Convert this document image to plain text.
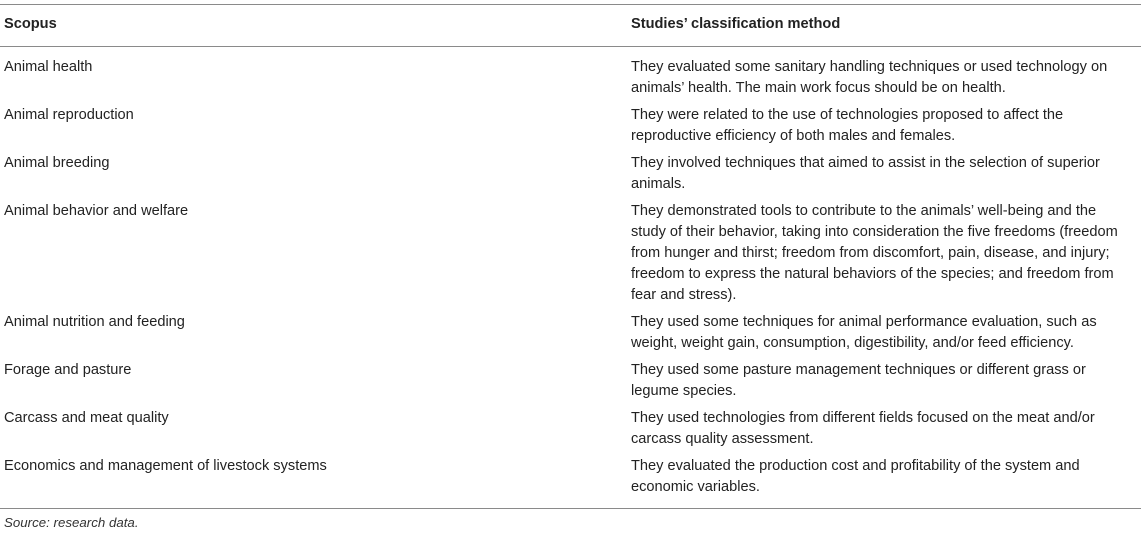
Scopus	Studies’ classification method
Animal health	They evaluated some sanitary handling techniques or used technology on animals’ health. The main work focus should be on health.
Animal reproduction	They were related to the use of technologies proposed to affect the reproductive efficiency of both males and females.
Animal breeding	They involved techniques that aimed to assist in the selection of superior animals.
Animal behavior and welfare	They demonstrated tools to contribute to the animals’ well-being and the study of their behavior, taking into consideration the five freedoms (freedom from hunger and thirst; freedom from discomfort, pain, disease, and injury; freedom to express the natural behaviors of the species; and freedom from fear and stress).
Animal nutrition and feeding	They used some techniques for animal performance evaluation, such as weight, weight gain, consumption, digestibility, and/or feed efficiency.
Forage and pasture	They used some pasture management techniques or different grass or legume species.
Carcass and meat quality	They used technologies from different fields focused on the meat and/or carcass quality assessment.
Economics and management of livestock systems	They evaluated the production cost and profitability of the system and economic variables.
Source: research data.
